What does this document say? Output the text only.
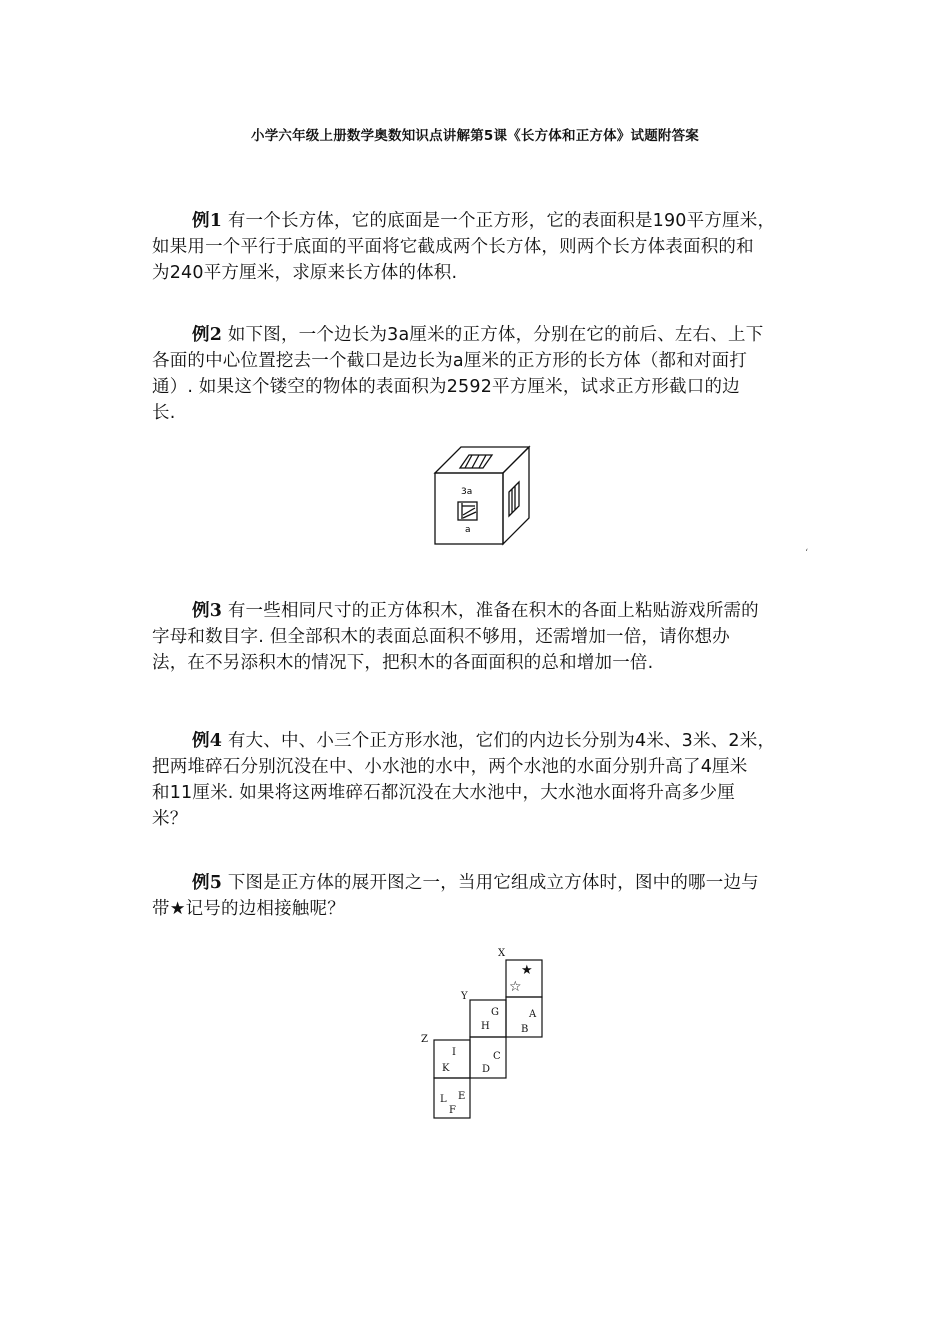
小学六年级上册数学奥数知识点讲解第5课《长方体和正方体》试题附答案
例1 有一个长方体，它的底面是一个正方形，它的表面积是190平方厘米，
如果用一个平行于底面的平面将它截成两个长方体，则两个长方体表面积的和
为240平方厘米，求原来长方体的体积.
例2 如下图，一个边长为3a厘米的正方体，分别在它的前后、左右、上下
各面的中心位置挖去一个截口是边长为a厘米的正方形的长方体（都和对面打
通）. 如果这个镂空的物体的表面积为2592平方厘米，试求正方形截口的边
长.
3a
a
‘
例3 有一些相同尺寸的正方体积木，准备在积木的各面上粘贴游戏所需的
字母和数目字. 但全部积木的表面总面积不够用，还需增加一倍，请你想办
法，在不另添积木的情况下，把积木的各面面积的总和增加一倍.
例4 有大、中、小三个正方形水池，它们的内边长分别为4米、3米、2米，
把两堆碎石分别沉没在中、小水池的水中，两个水池的水面分别升高了4厘米
和11厘米. 如果将这两堆碎石都沉没在大水池中，大水池水面将升高多少厘
米？
例5 下图是正方体的展开图之一，当用它组成立方体时，图中的哪一边与
带★记号的边相接触呢？
X
Y
Z
G
H
A
B
I
K
C
D
L E
F
★
☆
